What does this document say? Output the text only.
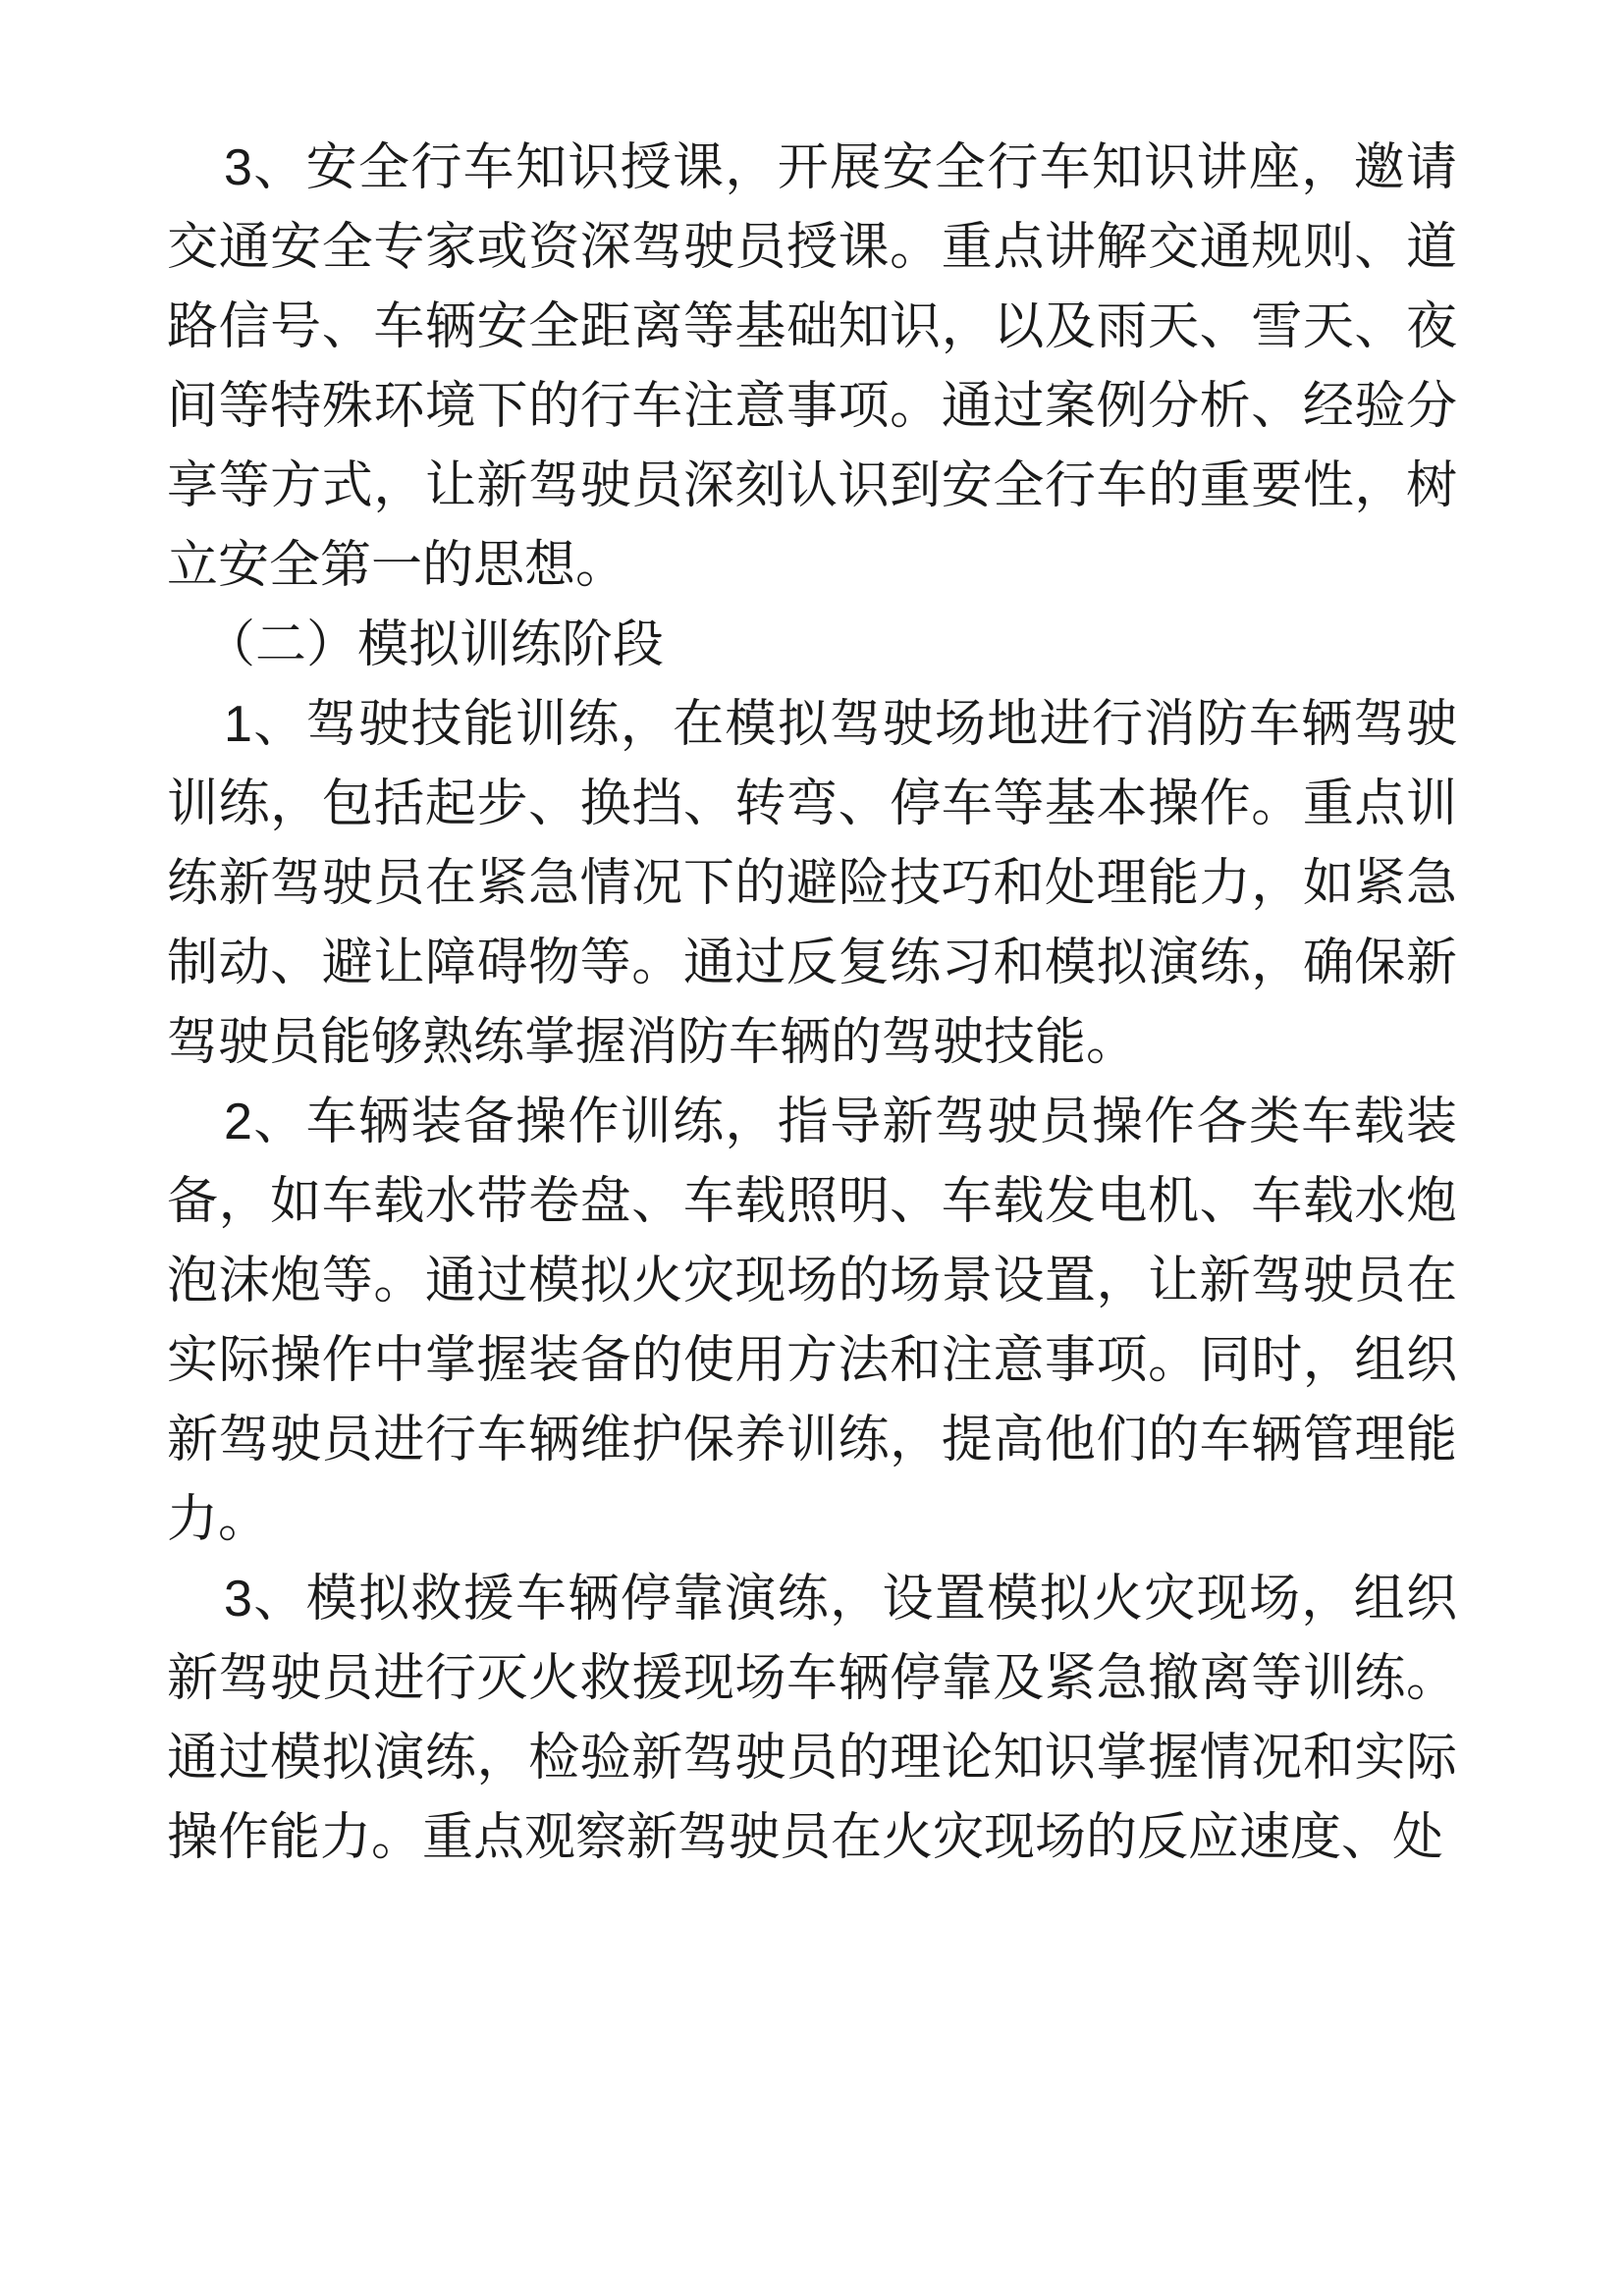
3、安全行车知识授课，开展安全行车知识讲座，邀请交通安全专家或资深驾驶员授课。重点讲解交通规则、道路信号、车辆安全距离等基础知识，以及雨天、雪天、夜间等特殊环境下的行车注意事项。通过案例分析、经验分享等方式，让新驾驶员深刻认识到安全行车的重要性，树立安全第一的思想。

（二）模拟训练阶段

1、驾驶技能训练，在模拟驾驶场地进行消防车辆驾驶训练，包括起步、换挡、转弯、停车等基本操作。重点训练新驾驶员在紧急情况下的避险技巧和处理能力，如紧急制动、避让障碍物等。通过反复练习和模拟演练，确保新驾驶员能够熟练掌握消防车辆的驾驶技能。

2、车辆装备操作训练，指导新驾驶员操作各类车载装备，如车载水带卷盘、车载照明、车载发电机、车载水炮泡沫炮等。通过模拟火灾现场的场景设置，让新驾驶员在实际操作中掌握装备的使用方法和注意事项。同时，组织新驾驶员进行车辆维护保养训练，提高他们的车辆管理能力。

3、模拟救援车辆停靠演练，设置模拟火灾现场，组织新驾驶员进行灭火救援现场车辆停靠及紧急撤离等训练。通过模拟演练，检验新驾驶员的理论知识掌握情况和实际操作能力。重点观察新驾驶员在火灾现场的反应速度、处
